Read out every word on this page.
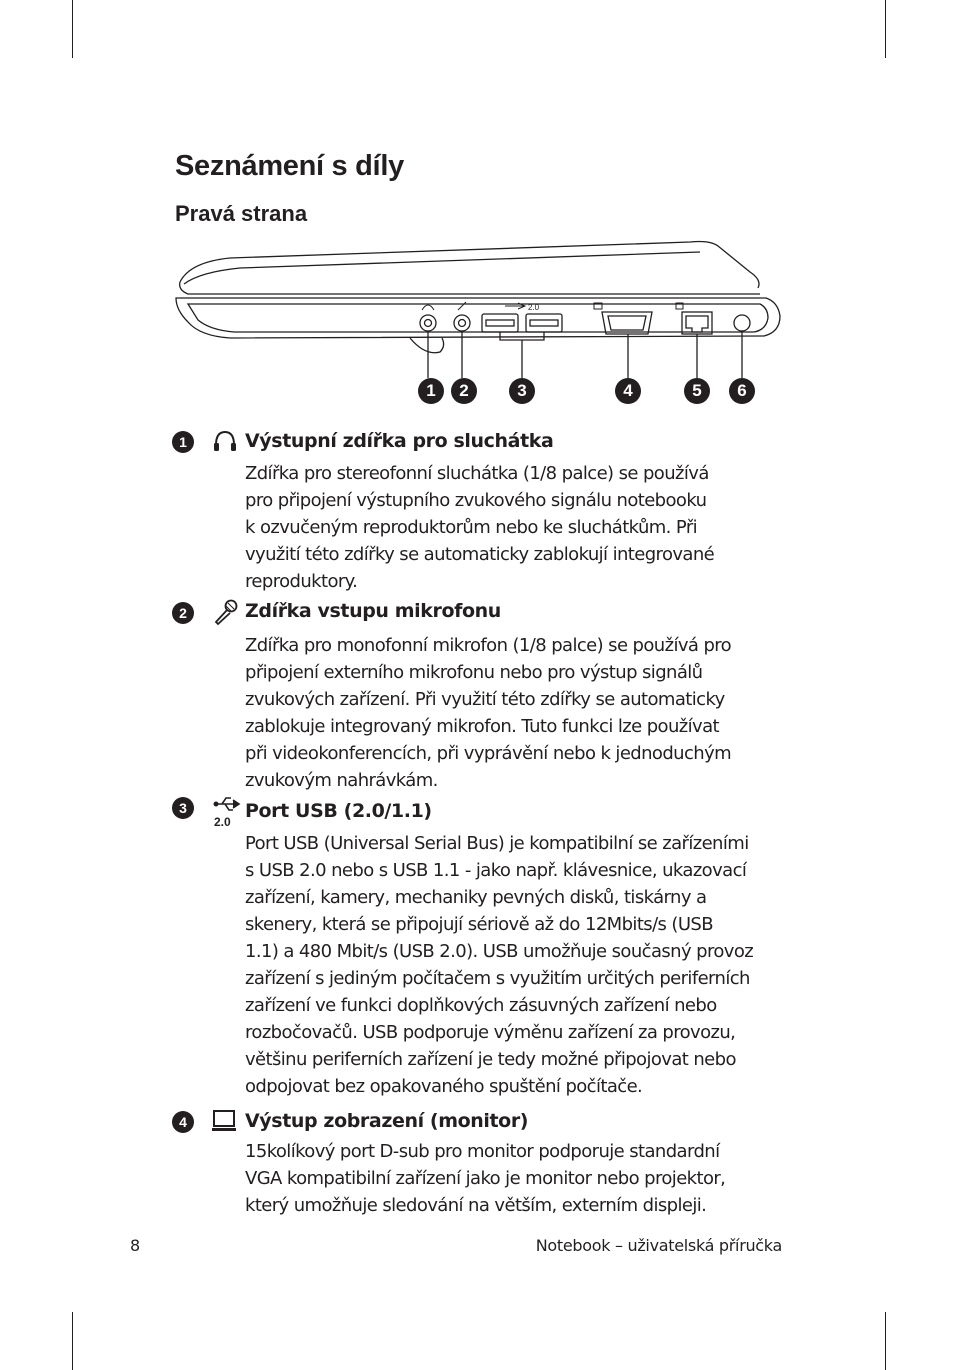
Seznámení s díly
Pravá strana
2.0
1	2	3	4	5	6
1	Výstupní zdířka pro sluchátka

Zdířka pro stereofonní sluchátka (1/8 palce) se používá
pro připojení výstupního zvukového signálu notebooku
k ozvučeným reproduktorům nebo ke sluchátkům. Při
využití této zdířky se automaticky zablokují integrované
reproduktory.

2	Zdířka vstupu mikrofonu

Zdířka pro monofonní mikrofon (1/8 palce) se používá pro
připojení externího mikrofonu nebo pro výstup signálů
zvukových zařízení. Při využití této zdířky se automaticky
zablokuje integrovaný mikrofon. Tuto funkci lze používat
při videokonferencích, při vyprávění nebo k jednoduchým
zvukovým nahrávkám.

3
2.0 Port USB (2.0/1.1)

Port USB (Universal Serial Bus) je kompatibilní se zařízeními
s USB 2.0 nebo s USB 1.1 - jako např. klávesnice, ukazovací
zařízení, kamery, mechaniky pevných disků, tiskárny a
skenery, která se připojují sériově až do 12Mbits/s (USB
1.1) a 480 Mbit/s (USB 2.0). USB umožňuje současný provoz
zařízení s jediným počítačem s využitím určitých periferních
zařízení ve funkci doplňkových zásuvných zařízení nebo
rozbočovačů. USB podporuje výměnu zařízení za provozu,
většinu periferních zařízení je tedy možné připojovat nebo
odpojovat bez opakovaného spuštění počítače.

4	Výstup zobrazení (monitor)

15kolíkový port D-sub pro monitor podporuje standardní
VGA kompatibilní zařízení jako je monitor nebo projektor,
který umožňuje sledování na větším, externím displeji.

8	Notebook – uživatelská příručka
